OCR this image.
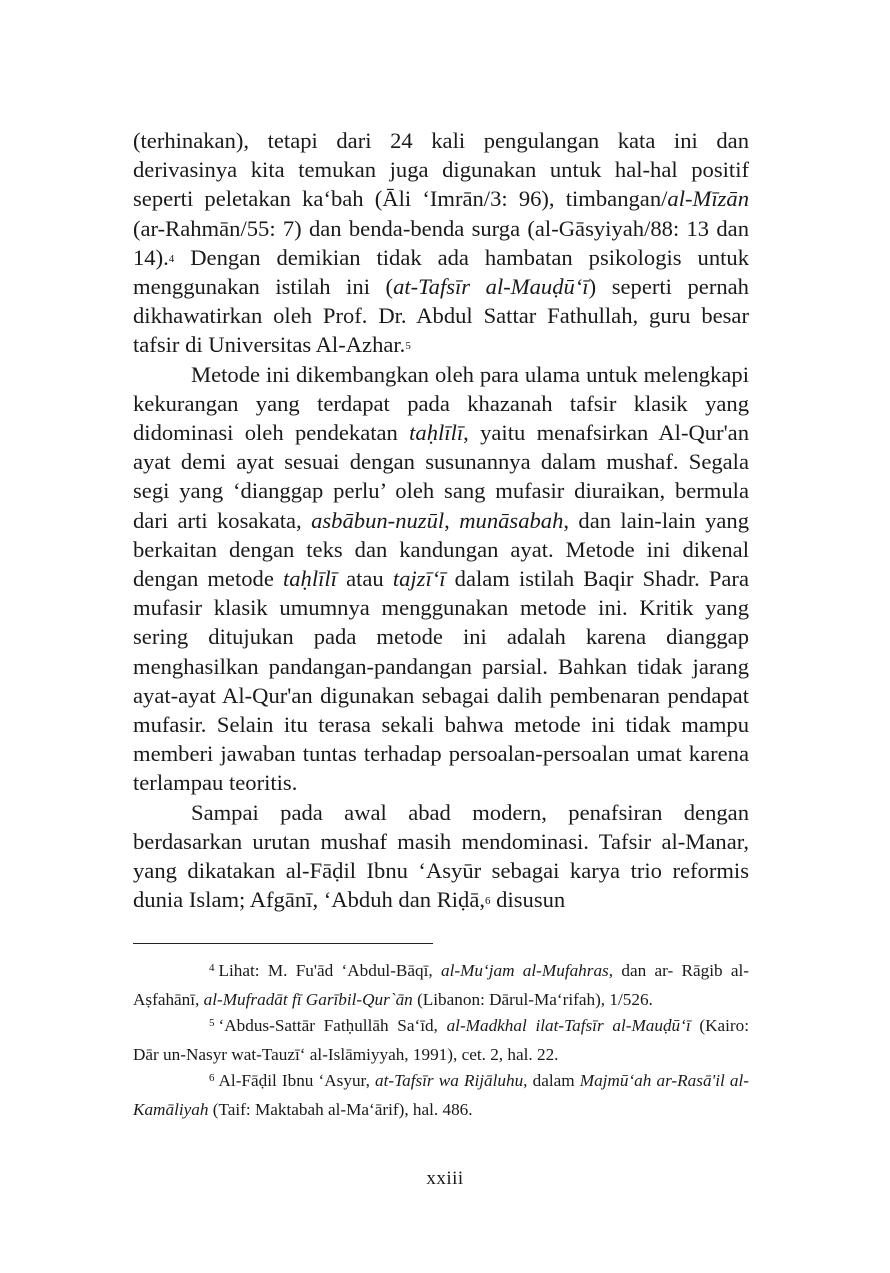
(terhinakan), tetapi dari 24 kali pengulangan kata ini dan derivasinya kita temukan juga digunakan untuk hal-hal positif seperti peletakan ka‘bah (Āli ‘Imrān/3: 96), timbangan/al-Mīzān (ar-Rahmān/55: 7) dan benda-benda surga (al-Gāsyiyah/88: 13 dan 14).$^4$ Dengan demikian tidak ada hambatan psikologis untuk menggunakan istilah ini (at-Tafsīr al-Mauḍū‘ī) seperti pernah dikhawatirkan oleh Prof. Dr. Abdul Sattar Fathullah, guru besar tafsir di Universitas Al-Azhar.$^5$

Metode ini dikembangkan oleh para ulama untuk melengkapi kekurangan yang terdapat pada khazanah tafsir klasik yang didominasi oleh pendekatan taḥlīlī, yaitu menafsirkan Al-Qur'an ayat demi ayat sesuai dengan susunannya dalam mushaf. Segala segi yang ‘dianggap perlu’ oleh sang mufasir diuraikan, bermula dari arti kosakata, asbābun-nuzūl, munāsabah, dan lain-lain yang berkaitan dengan teks dan kandungan ayat. Metode ini dikenal dengan metode taḥlīlī atau tajzī‘ī dalam istilah Baqir Shadr. Para mufasir klasik umumnya menggunakan metode ini. Kritik yang sering ditujukan pada metode ini adalah karena dianggap menghasilkan pandangan-pandangan parsial. Bahkan tidak jarang ayat-ayat Al-Qur'an digunakan sebagai dalih pembenaran pendapat mufasir. Selain itu terasa sekali bahwa metode ini tidak mampu memberi jawaban tuntas terhadap persoalan-persoalan umat karena terlampau teoritis.

Sampai pada awal abad modern, penafsiran dengan berdasarkan urutan mushaf masih mendominasi. Tafsir al-Manar, yang dikatakan al-Fāḍil Ibnu ‘Asyūr sebagai karya trio reformis dunia Islam; Afgānī, ‘Abduh dan Riḍā,$^6$ disusun

$^4$ Lihat: M. Fu'ād ‘Abdul-Bāqī, al-Mu‘jam al-Mufahras, dan ar- Rāgib al-Aṣfahānī, al-Mufradāt fī Garībil-Qur`ān (Libanon: Dārul-Ma‘rifah), 1/526.

$^5$ ‘Abdus-Sattār Fatḥullāh Sa‘īd, al-Madkhal ilat-Tafsīr al-Mauḍū‘ī (Kairo: Dār un-Nasyr wat-Tauzī‘ al-Islāmiyyah, 1991), cet. 2, hal. 22.

$^6$ Al-Fāḍil Ibnu ‘Asyur, at-Tafsīr wa Rijāluhu, dalam Majmū‘ah ar-Rasā'il al-Kamāliyah (Taif: Maktabah al-Ma‘ārif), hal. 486.

xxiii
